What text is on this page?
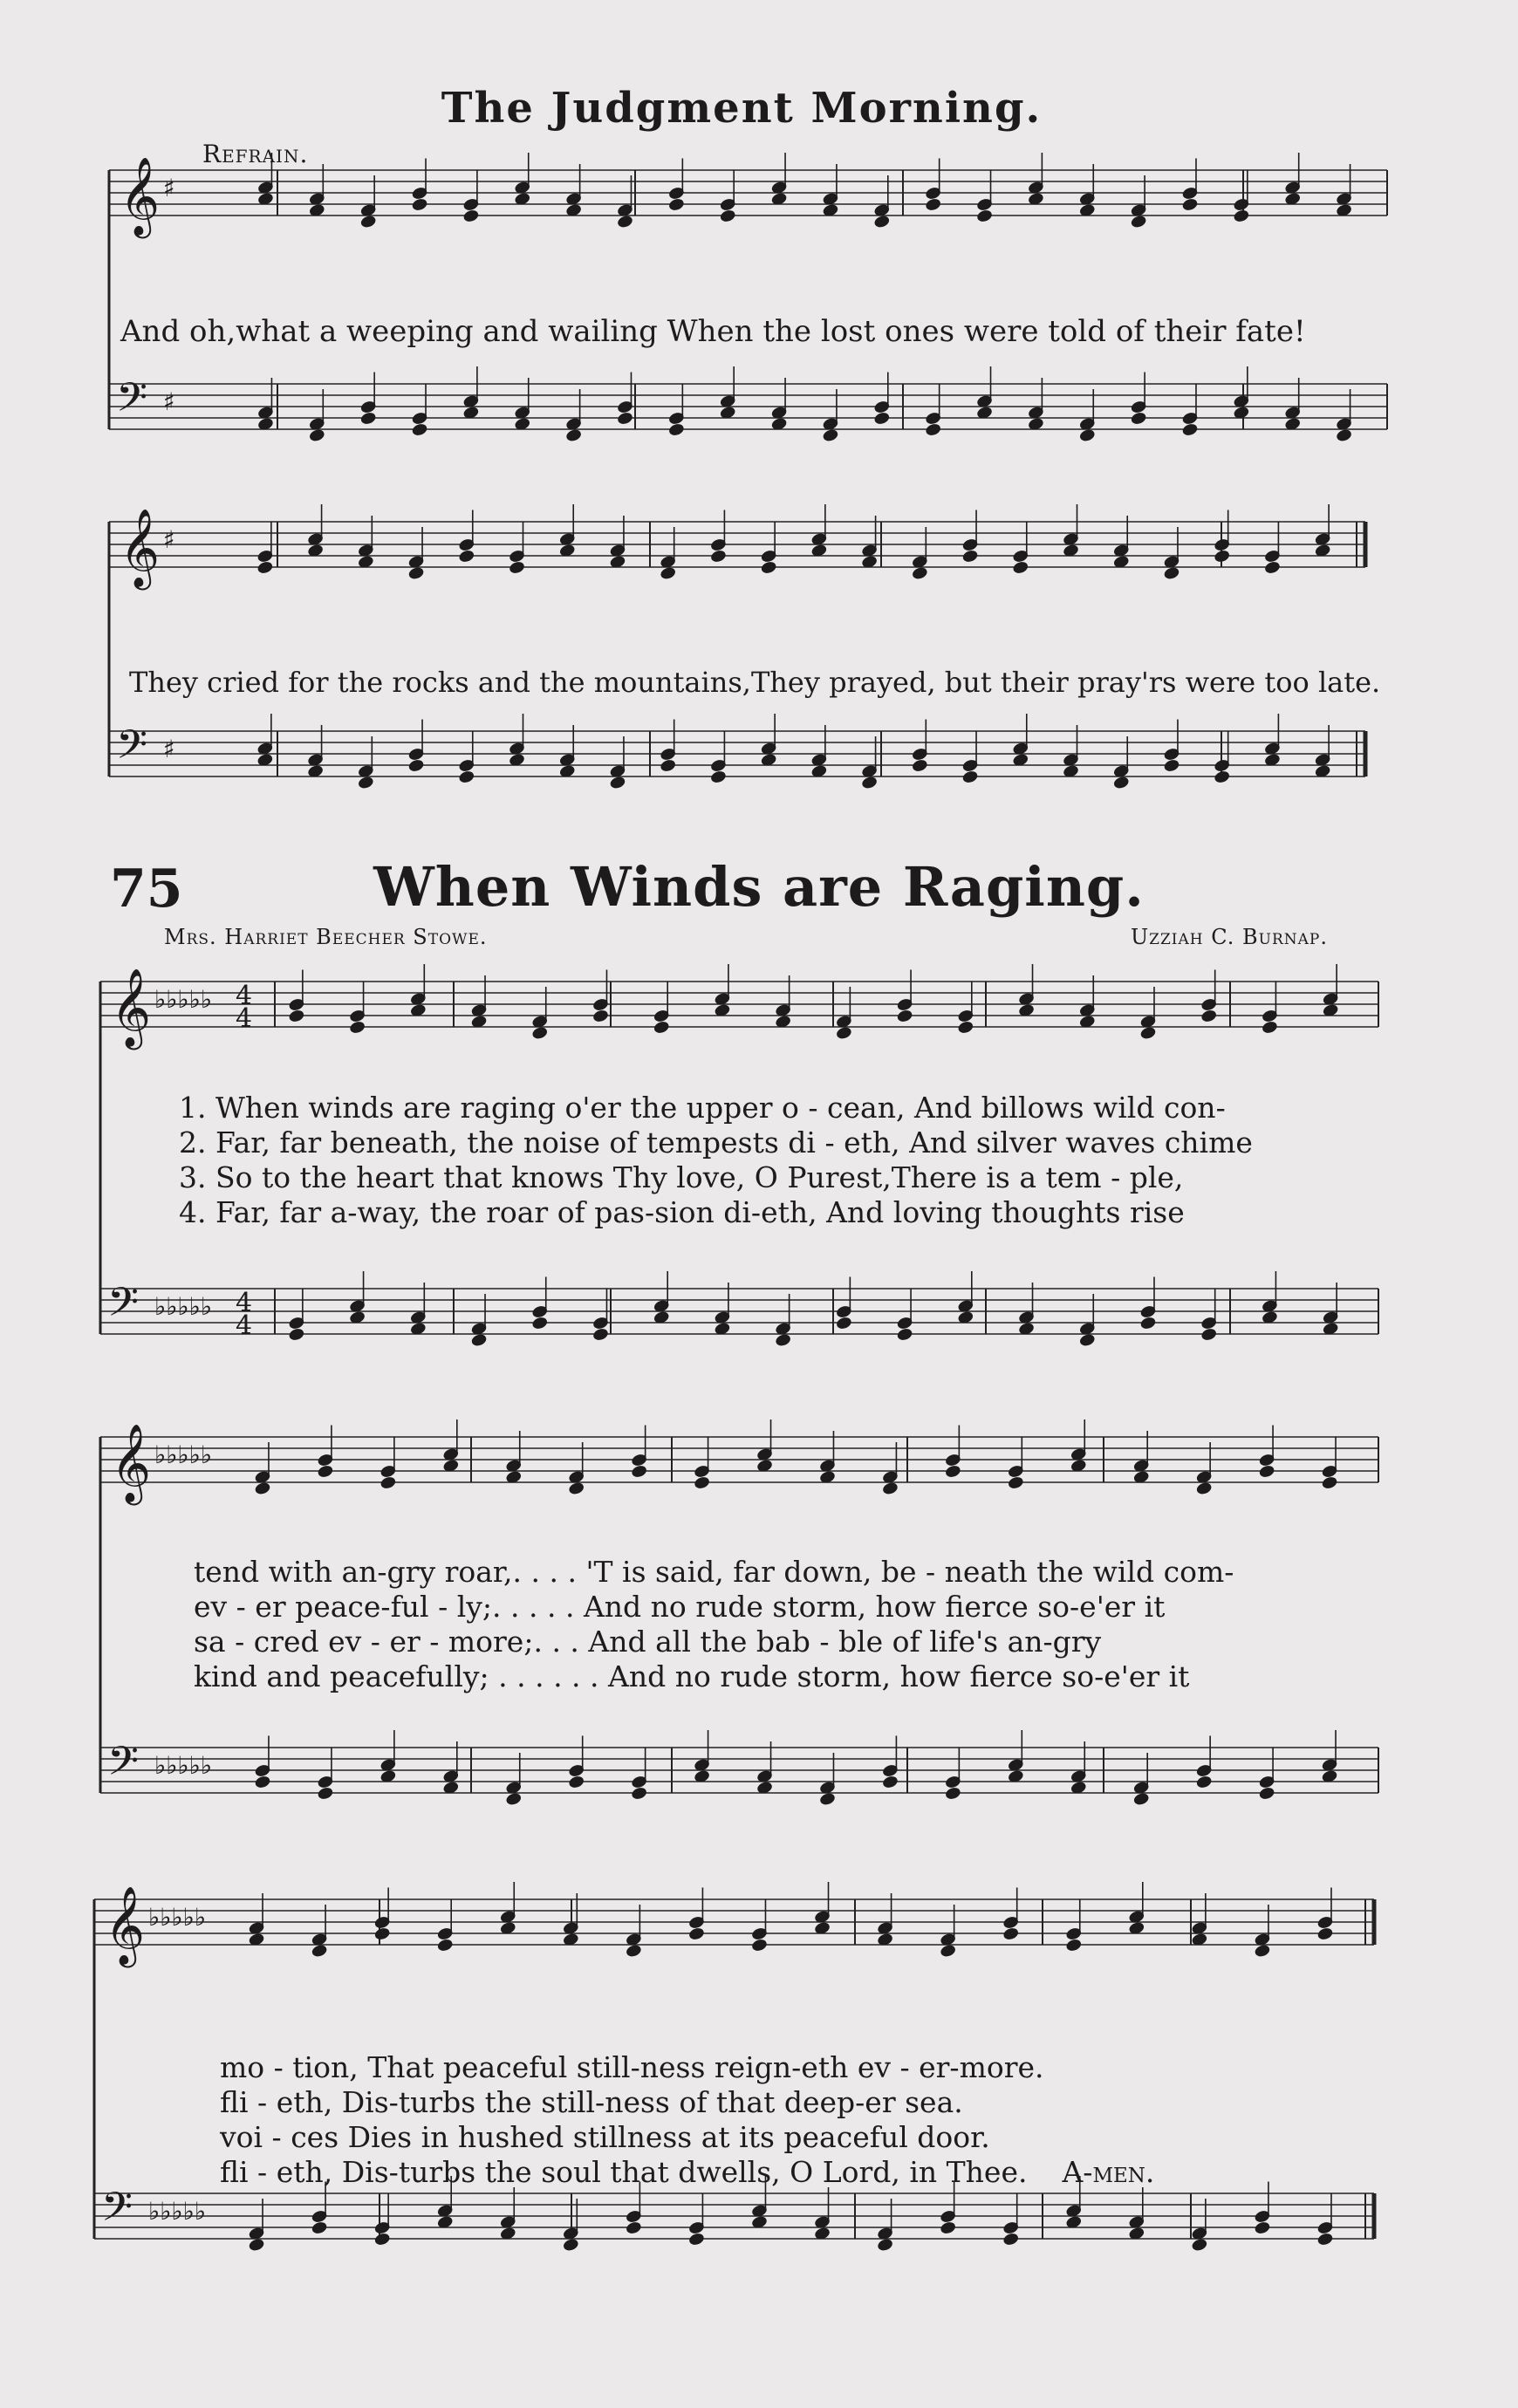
𝄞
𝄢
♯
♯
𝄞
𝄢
♯
♯
𝄞
𝄢
♭♭♭♭♭
♭♭♭♭♭
4
4
4
4
𝄞
𝄢
♭♭♭♭♭
♭♭♭♭♭
𝄞
𝄢
♭♭♭♭♭
♭♭♭♭♭
The Judgment Morning.
Refrain.
And oh,what a weeping and wailing When the lost ones were told of their fate!
They cried for the rocks and the mountains,They prayed, but their pray'rs were too late.
75	When Winds are Raging.
Mrs. Harriet Beecher Stowe.	Uzziah C. Burnap.
1. When winds are raging o'er the upper o - cean, And billows wild con-
2. Far, far beneath, the noise of tempests di - eth, And silver waves chime
3. So to the heart that knows Thy love, O Purest,There is a tem - ple,
4. Far, far a-way, the roar of pas-sion di-eth, And loving thoughts rise
tend with an-gry roar,. . . . 'T is said, far down, be - neath the wild com-
ev - er peace-ful - ly;. . . . . And no rude storm, how fierce so-e'er it
sa - cred ev - er - more;. . . And all the bab - ble of life's an-gry
kind and peacefully; . . . . . . And no rude storm, how fierce so-e'er it
mo - tion, That peaceful still-ness reign-eth ev - er-more.
fli - eth, Dis-turbs the still-ness of that deep-er sea.
voi - ces Dies in hushed stillness at its peaceful door.
fli - eth, Dis-turbs the soul that dwells, O Lord, in Thee. A-men.
